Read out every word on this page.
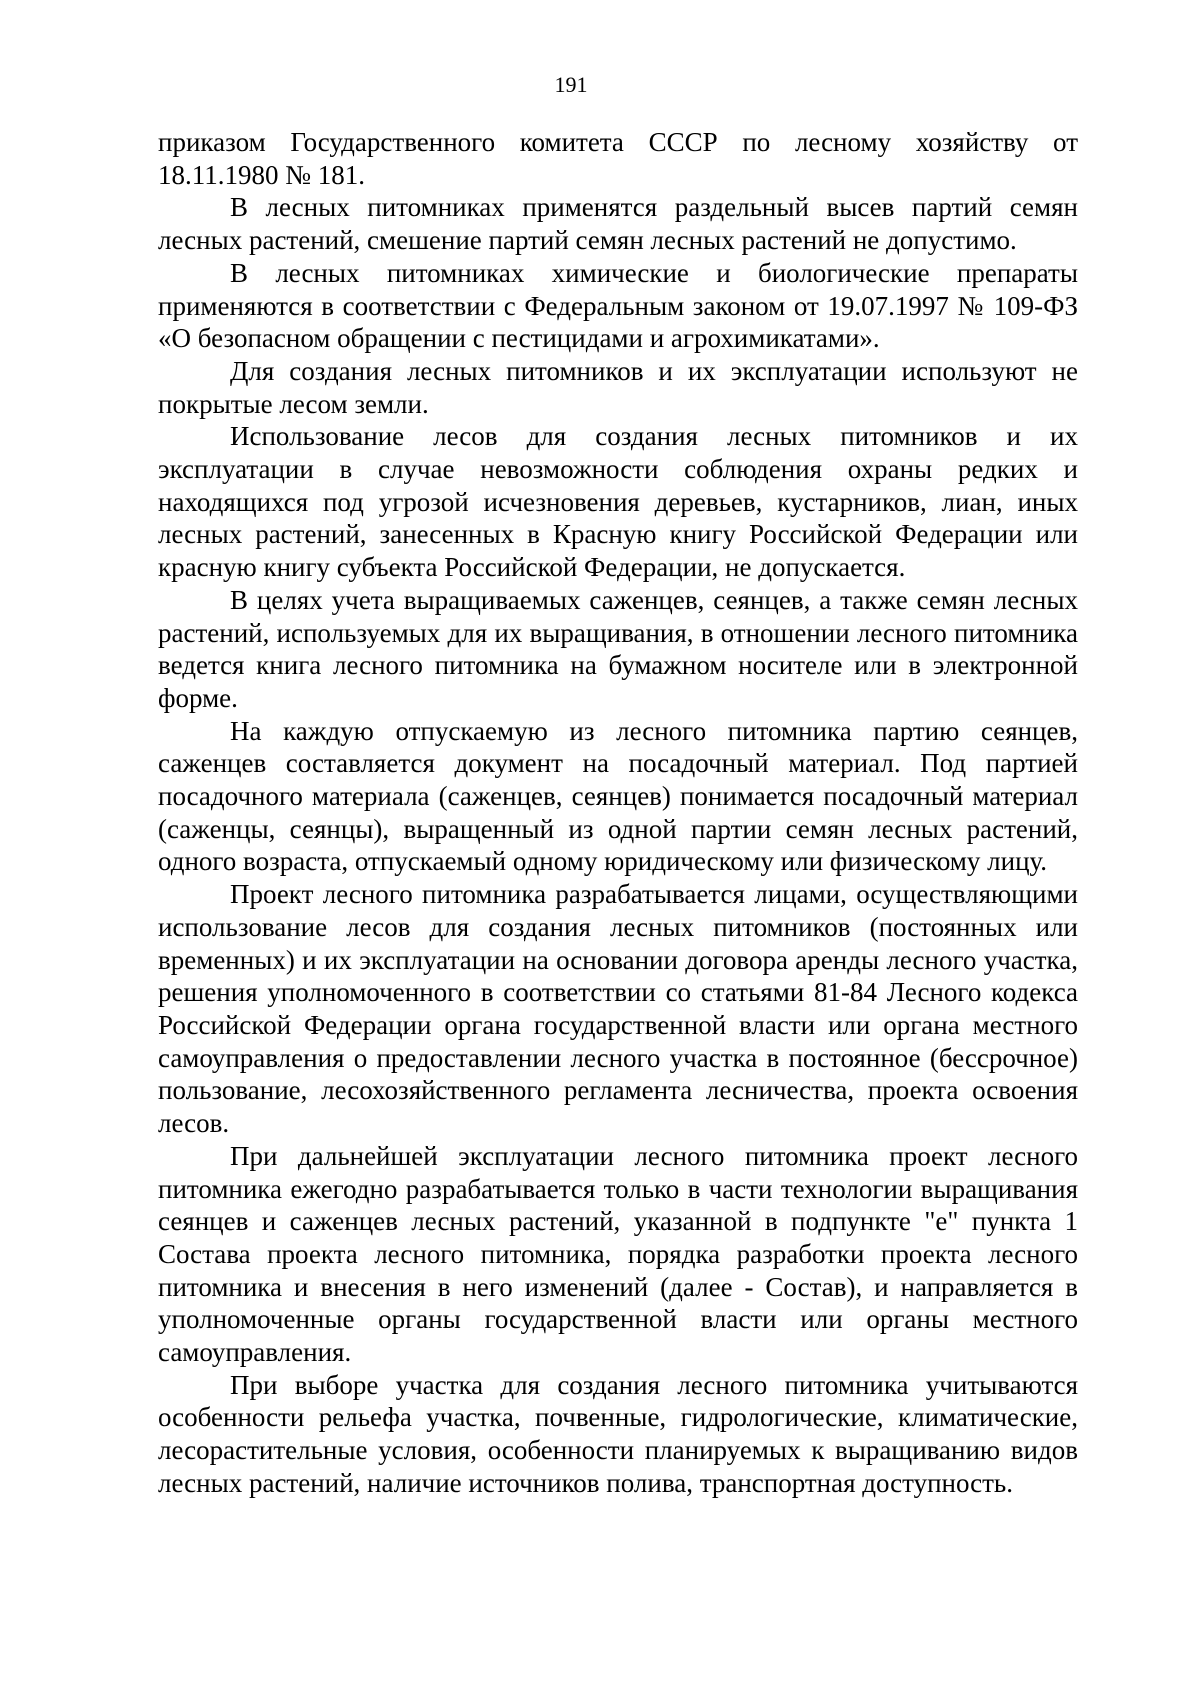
191

приказом Государственного комитета СССР по лесному хозяйству от 18.11.1980 № 181.

В лесных питомниках применятся раздельный высев партий семян лесных растений, смешение партий семян лесных растений не допустимо.

В лесных питомниках химические и биологические препараты применяются в соответствии с Федеральным законом от 19.07.1997 № 109-ФЗ «О безопасном обращении с пестицидами и агрохимикатами».

Для создания лесных питомников и их эксплуатации используют не покрытые лесом земли.

Использование лесов для создания лесных питомников и их эксплуатации в случае невозможности соблюдения охраны редких и находящихся под угрозой исчезновения деревьев, кустарников, лиан, иных лесных растений, занесенных в Красную книгу Российской Федерации или красную книгу субъекта Российской Федерации, не допускается.

В целях учета выращиваемых саженцев, сеянцев, а также семян лесных растений, используемых для их выращивания, в отношении лесного питомника ведется книга лесного питомника на бумажном носителе или в электронной форме.

На каждую отпускаемую из лесного питомника партию сеянцев, саженцев составляется документ на посадочный материал. Под партией посадочного материала (саженцев, сеянцев) понимается посадочный материал (саженцы, сеянцы), выращенный из одной партии семян лесных растений, одного возраста, отпускаемый одному юридическому или физическому лицу.

Проект лесного питомника разрабатывается лицами, осуществляющими использование лесов для создания лесных питомников (постоянных или временных) и их эксплуатации на основании договора аренды лесного участка, решения уполномоченного в соответствии со статьями 81-84 Лесного кодекса Российской Федерации органа государственной власти или органа местного самоуправления о предоставлении лесного участка в постоянное (бессрочное) пользование, лесохозяйственного регламента лесничества, проекта освоения лесов.

При дальнейшей эксплуатации лесного питомника проект лесного питомника ежегодно разрабатывается только в части технологии выращивания сеянцев и саженцев лесных растений, указанной в подпункте "е" пункта 1 Состава проекта лесного питомника, порядка разработки проекта лесного питомника и внесения в него изменений (далее - Состав), и направляется в уполномоченные органы государственной власти или органы местного самоуправления.

При выборе участка для создания лесного питомника учитываются особенности рельефа участка, почвенные, гидрологические, климатические, лесорастительные условия, особенности планируемых к выращиванию видов лесных растений, наличие источников полива, транспортная доступность.
